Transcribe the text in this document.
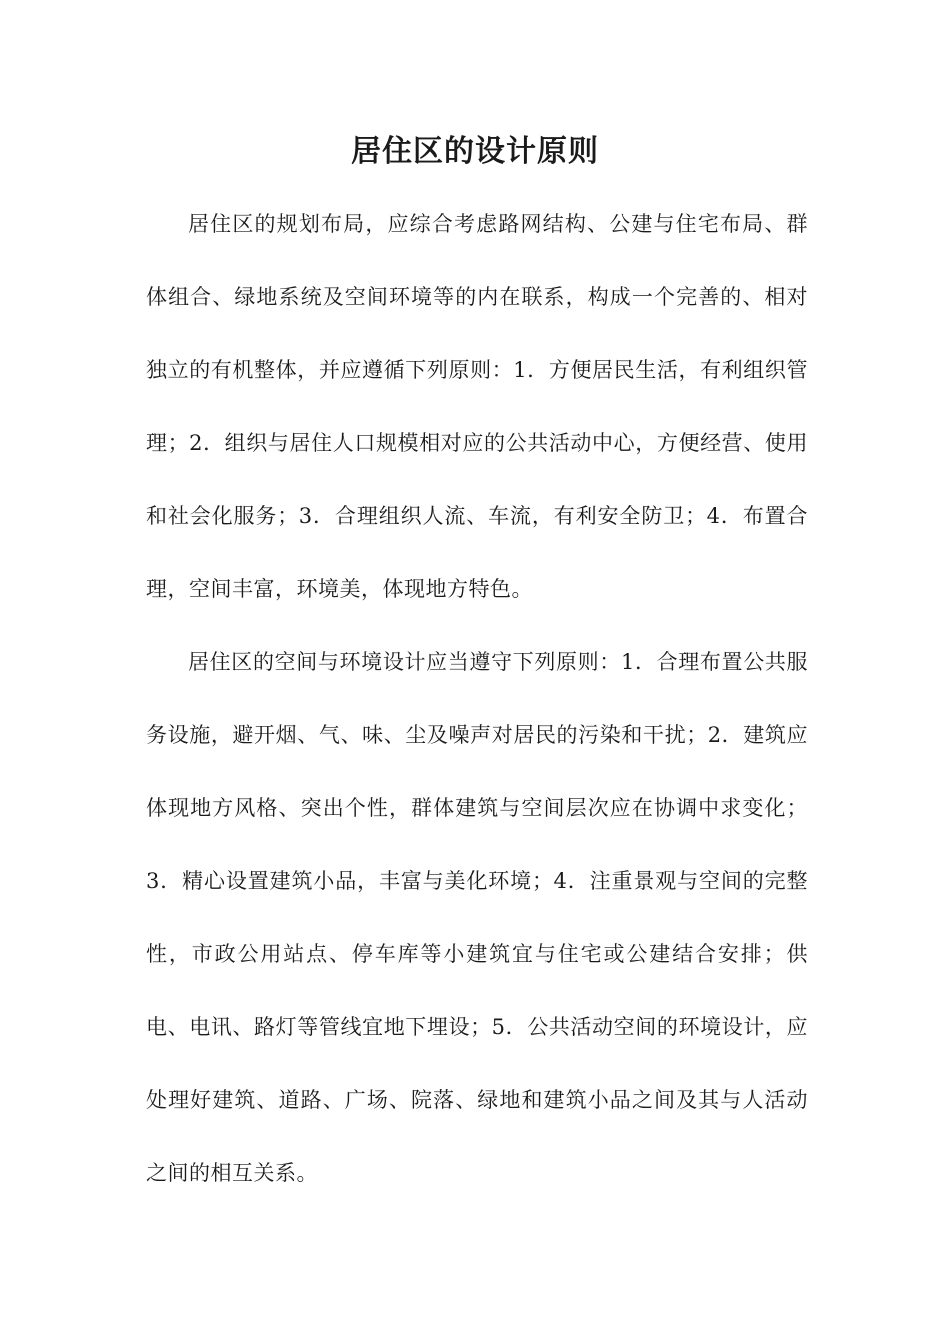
居住区的设计原则

居住区的规划布局，应综合考虑路网结构、公建与住宅布局、群体组合、绿地系统及空间环境等的内在联系，构成一个完善的、相对独立的有机整体，并应遵循下列原则：1．方便居民生活，有利组织管理；2．组织与居住人口规模相对应的公共活动中心，方便经营、使用和社会化服务；3．合理组织人流、车流，有利安全防卫；4．布置合理，空间丰富，环境美，体现地方特色。

居住区的空间与环境设计应当遵守下列原则：1．合理布置公共服务设施，避开烟、气、味、尘及噪声对居民的污染和干扰；2．建筑应体现地方风格、突出个性，群体建筑与空间层次应在协调中求变化；3．精心设置建筑小品，丰富与美化环境；4．注重景观与空间的完整性，市政公用站点、停车库等小建筑宜与住宅或公建结合安排；供电、电讯、路灯等管线宜地下埋设；5．公共活动空间的环境设计，应处理好建筑、道路、广场、院落、绿地和建筑小品之间及其与人活动之间的相互关系。
